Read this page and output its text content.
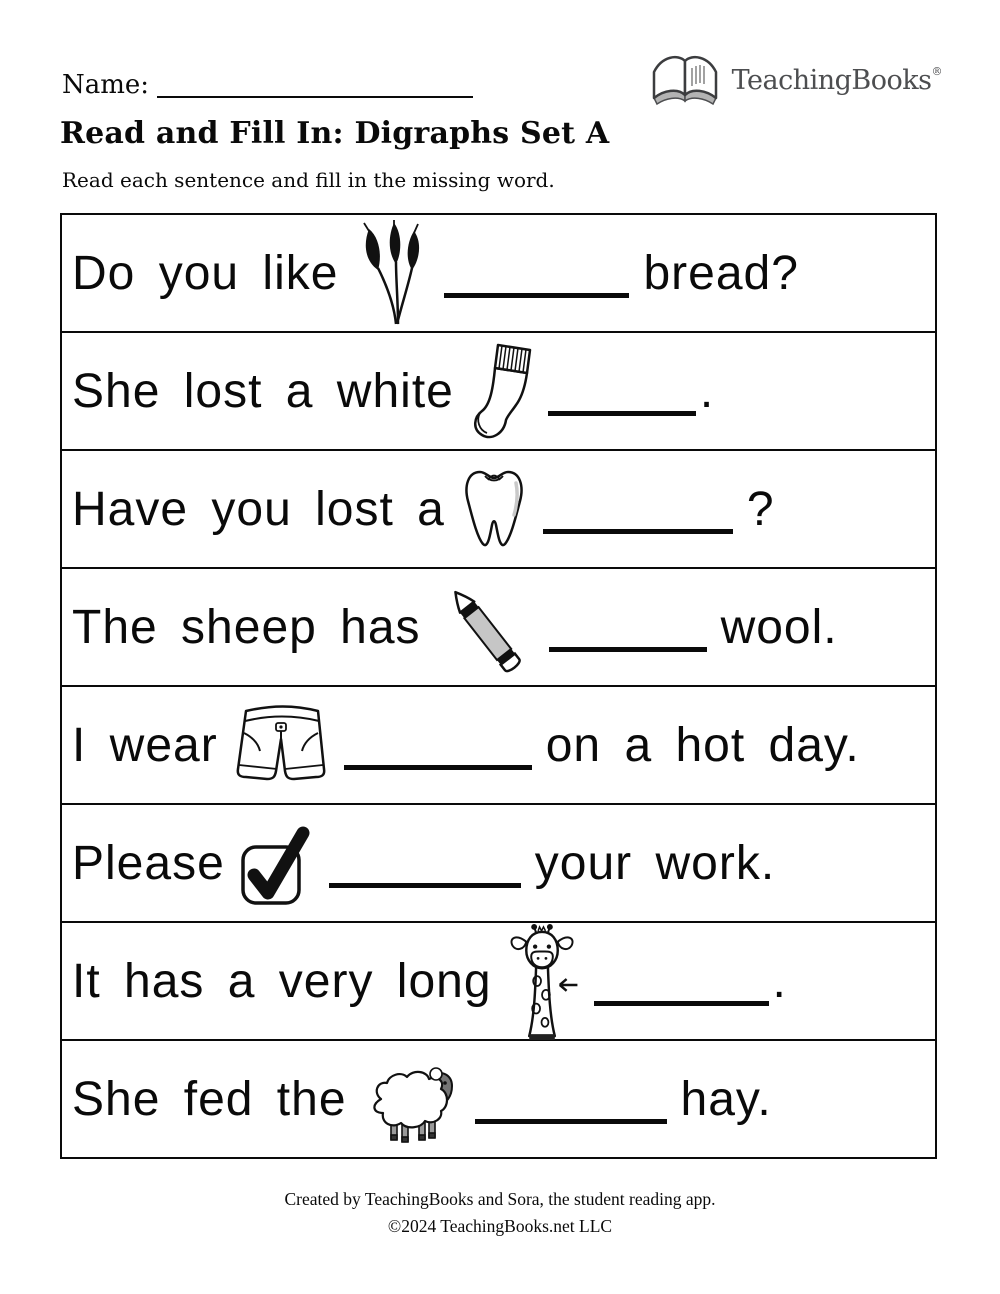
Name:	TeachingBooks®
Read and Fill In: Digraphs Set A

Read each sentence and fill in the missing word.

Do you like	bread?
She lost a white	.
Have you lost a	?
The sheep has	wool.
I wear	on a hot day.
Please	your work.
It has a very long	.
She fed the	hay.
Created by TeachingBooks and Sora, the student reading app.
©2024 TeachingBooks.net LLC
